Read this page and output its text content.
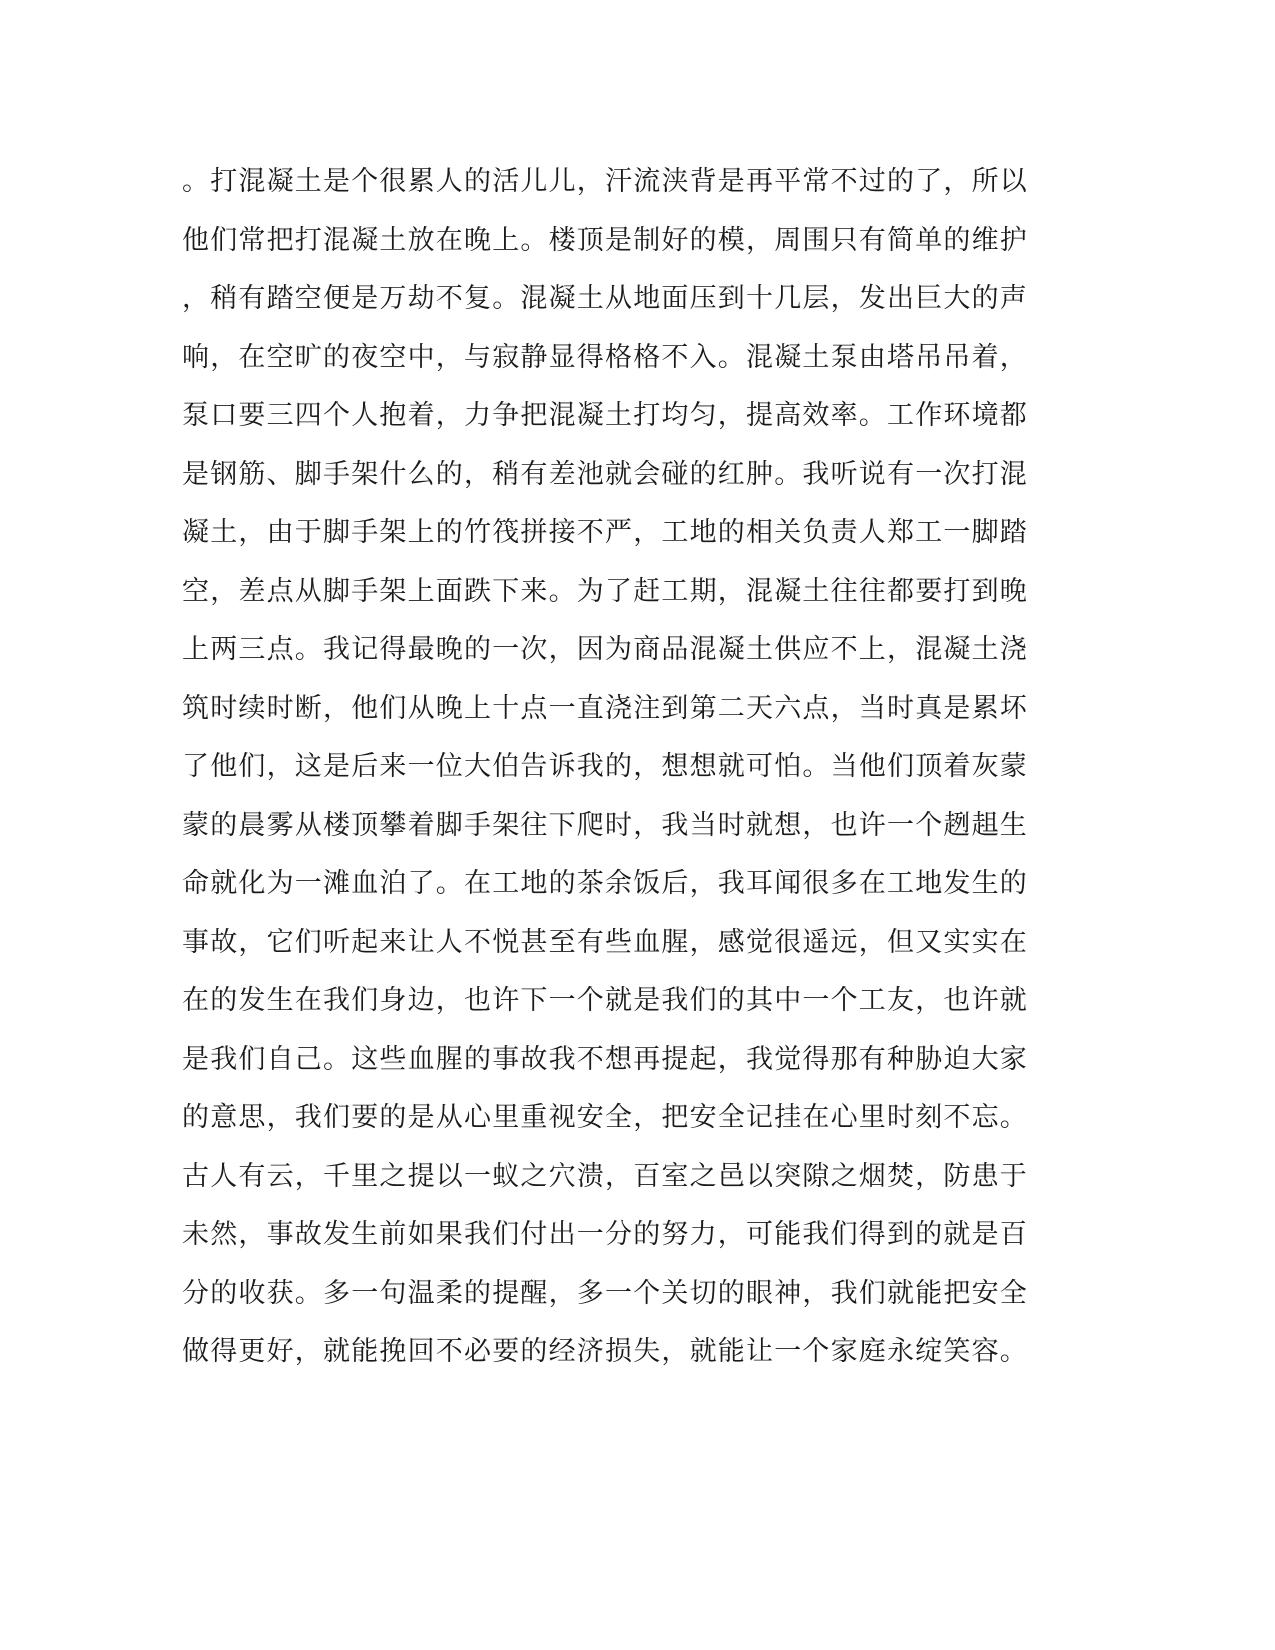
。打混凝土是个很累人的活儿儿，汗流浃背是再平常不过的了，所以
他们常把打混凝土放在晚上。楼顶是制好的模，周围只有简单的维护
，稍有踏空便是万劫不复。混凝土从地面压到十几层，发出巨大的声
响，在空旷的夜空中，与寂静显得格格不入。混凝土泵由塔吊吊着，
泵口要三四个人抱着，力争把混凝土打均匀，提高效率。工作环境都
是钢筋、脚手架什么的，稍有差池就会碰的红肿。我听说有一次打混
凝土，由于脚手架上的竹筏拼接不严，工地的相关负责人郑工一脚踏
空，差点从脚手架上面跌下来。为了赶工期，混凝土往往都要打到晚
上两三点。我记得最晚的一次，因为商品混凝土供应不上，混凝土浇
筑时续时断，他们从晚上十点一直浇注到第二天六点，当时真是累坏
了他们，这是后来一位大伯告诉我的，想想就可怕。当他们顶着灰蒙
蒙的晨雾从楼顶攀着脚手架往下爬时，我当时就想，也许一个趔趄生
命就化为一滩血泊了。在工地的茶余饭后，我耳闻很多在工地发生的
事故，它们听起来让人不悦甚至有些血腥，感觉很遥远，但又实实在
在的发生在我们身边，也许下一个就是我们的其中一个工友，也许就
是我们自己。这些血腥的事故我不想再提起，我觉得那有种胁迫大家
的意思，我们要的是从心里重视安全，把安全记挂在心里时刻不忘。
古人有云，千里之提以一蚁之穴溃，百室之邑以突隙之烟焚，防患于
未然，事故发生前如果我们付出一分的努力，可能我们得到的就是百
分的收获。多一句温柔的提醒，多一个关切的眼神，我们就能把安全
做得更好，就能挽回不必要的经济损失，就能让一个家庭永绽笑容。
